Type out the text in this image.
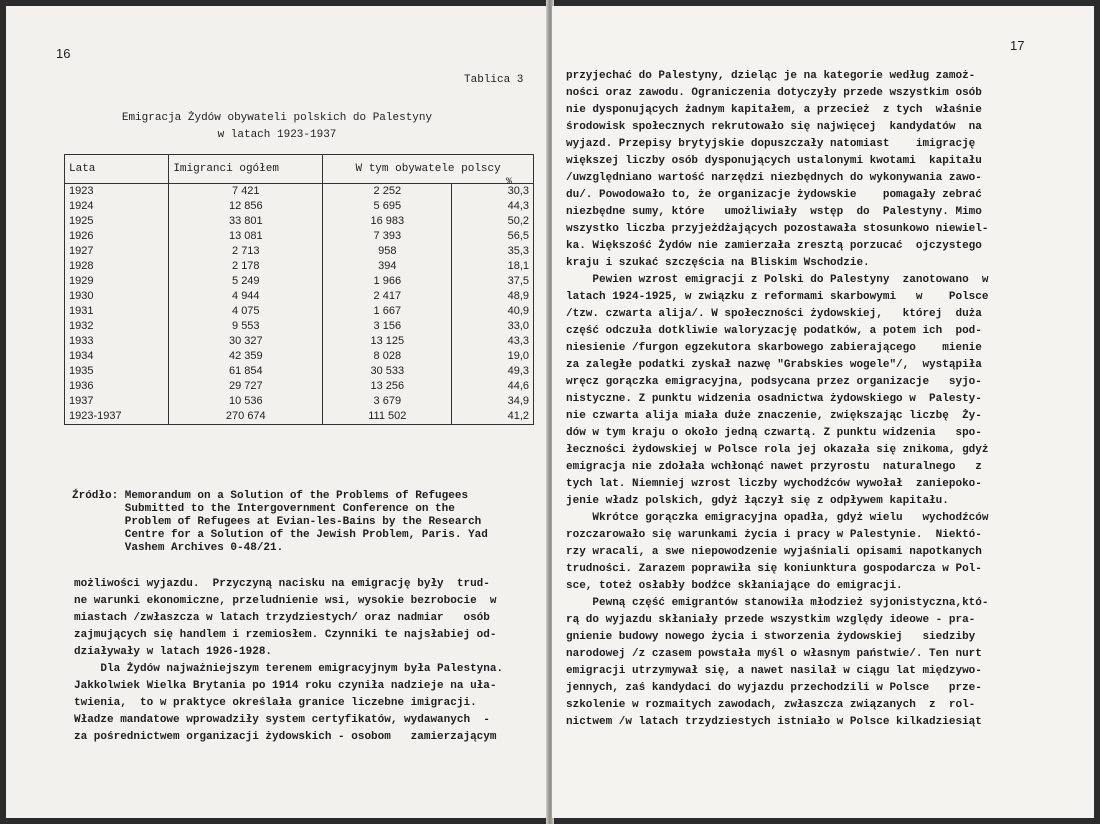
16
Tablica 3
Emigracja Żydów obywateli polskich do Palestyny
w latach 1923-1937
Lata	Imigranci ogółem	W tym obywatele polscy	
1923	7 421	2 252	30,3
1924	12 856	5 695	44,3
1925	33 801	16 983	50,2
1926	13 081	7 393	56,5
1927	2 713	958	35,3
1928	2 178	394	18,1
1929	5 249	1 966	37,5
1930	4 944	2 417	48,9
1931	4 075	1 667	40,9
1932	9 553	3 156	33,0
1933	30 327	13 125	43,3
1934	42 359	8 028	19,0
1935	61 854	30 533	49,3
1936	29 727	13 256	44,6
1937	10 536	3 679	34,9
1923-1937	270 674	111 502	41,2
%
Źródło: Memorandum on a Solution of the Problems of Refugees
Submitted to the Intergovernment Conference on the
Problem of Refugees at Evian-les-Bains by the Research
Centre for a Solution of the Jewish Problem, Paris. Yad
Vashem Archives 0-48/21.
możliwości wyjazdu.  Przyczyną nacisku na emigrację były  trud-
ne warunki ekonomiczne, przeludnienie wsi, wysokie bezrobocie  w
miastach /zwłaszcza w latach trzydziestych/ oraz nadmiar   osób
zajmujących się handlem i rzemiosłem. Czynniki te najsłabiej od-
działywały w latach 1926-1928.
Dla Żydów najważniejszym terenem emigracyjnym była Palestyna.
Jakkolwiek Wielka Brytania po 1914 roku czyniła nadzieje na uła-
twienia,  to w praktyce określała granice liczebne imigracji.
Władze mandatowe wprowadziły system certyfikatów, wydawanych  -
za pośrednictwem organizacji żydowskich - osobom   zamierzającym
17
przyjechać do Palestyny, dzieląc je na kategorie według zamoż-
ności oraz zawodu. Ograniczenia dotyczyły przede wszystkim osób
nie dysponujących żadnym kapitałem, a przecież  z tych  właśnie
środowisk społecznych rekrutowało się najwięcej  kandydatów  na
wyjazd. Przepisy brytyjskie dopuszczały natomiast    imigrację
większej liczby osób dysponujących ustalonymi kwotami  kapitału
/uwzględniano wartość narzędzi niezbędnych do wykonywania zawo-
du/. Powodowało to, że organizacje żydowskie    pomagały zebrać
niezbędne sumy, które   umożliwiały  wstęp  do  Palestyny. Mimo
wszystko liczba przyjeżdżających pozostawała stosunkowo niewiel-
ka. Większość Żydów nie zamierzała zresztą porzucać  ojczystego
kraju i szukać szczęścia na Bliskim Wschodzie.
Pewien wzrost emigracji z Polski do Palestyny  zanotowano  w
latach 1924-1925, w związku z reformami skarbowymi   w    Polsce
/tzw. czwarta alija/. W społeczności żydowskiej,   której  duża
część odczuła dotkliwie waloryzację podatków, a potem ich  pod-
niesienie /furgon egzekutora skarbowego zabierającego    mienie
za zaległe podatki zyskał nazwę "Grabskies wogele"/,  wystąpiła
wręcz gorączka emigracyjna, podsycana przez organizacje   syjo-
nistyczne. Z punktu widzenia osadnictwa żydowskiego w  Palesty-
nie czwarta alija miała duże znaczenie, zwiększając liczbę  Ży-
dów w tym kraju o około jedną czwartą. Z punktu widzenia   spo-
łeczności żydowskiej w Polsce rola jej okazała się znikoma, gdyż
emigracja nie zdołała wchłonąć nawet przyrostu  naturalnego   z
tych lat. Niemniej wzrost liczby wychodźców wywołał  zaniepoko-
jenie władz polskich, gdyż łączył się z odpływem kapitału.
Wkrótce gorączka emigracyjna opadła, gdyż wielu   wychodźców
rozczarowało się warunkami życia i pracy w Palestynie.  Niektó-
rzy wracali, a swe niepowodzenie wyjaśniali opisami napotkanych
trudności. Zarazem poprawiła się koniunktura gospodarcza w Pol-
sce, toteż osłabły bodźce skłaniające do emigracji.
Pewną część emigrantów stanowiła młodzież syjonistyczna,któ-
rą do wyjazdu skłaniały przede wszystkim względy ideowe - pra-
gnienie budowy nowego życia i stworzenia żydowskiej   siedziby
narodowej /z czasem powstała myśl o własnym państwie/. Ten nurt
emigracji utrzymywał się, a nawet nasilał w ciągu lat międzywo-
jennych, zaś kandydaci do wyjazdu przechodzili w Polsce   prze-
szkolenie w rozmaitych zawodach, zwłaszcza związanych  z  rol-
nictwem /w latach trzydziestych istniało w Polsce kilkadziesiąt
